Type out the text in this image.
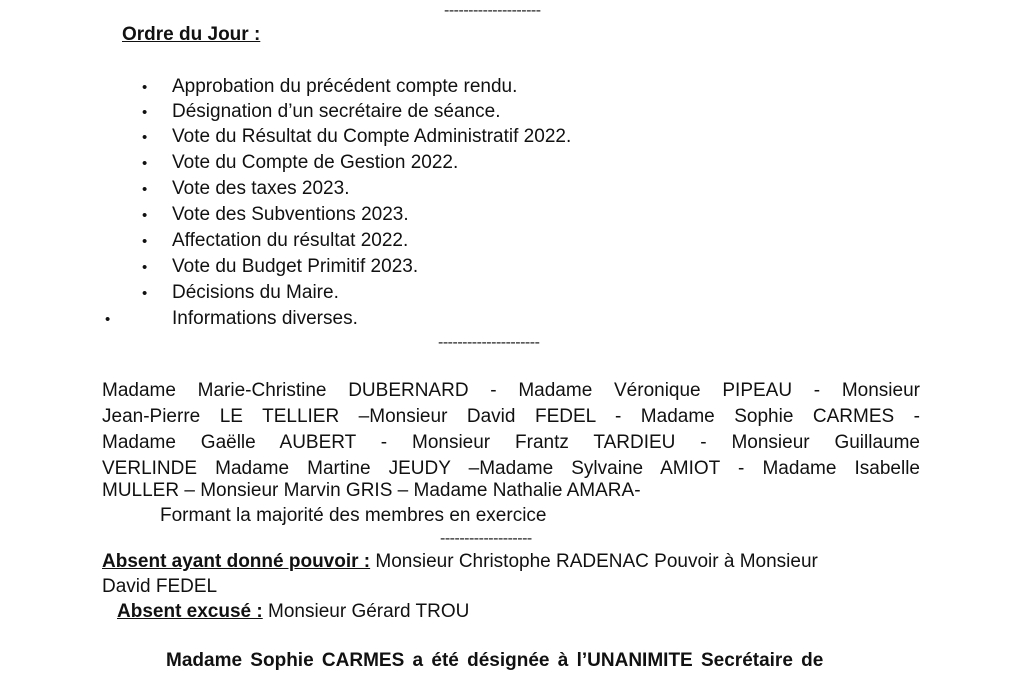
--------------------
Ordre du Jour :
• Approbation du précédent compte rendu.
• Désignation d’un secrétaire de séance.
• Vote du Résultat du Compte Administratif 2022.
• Vote du Compte de Gestion 2022.
• Vote des taxes 2023.
• Vote des Subventions 2023.
• Affectation du résultat 2022.
• Vote du Budget Primitif 2023.
• Décisions du Maire.
•	Informations diverses.
---------------------
Madame Marie-Christine DUBERNARD - Madame Véronique PIPEAU - Monsieur
Jean-Pierre LE TELLIER –Monsieur David FEDEL - Madame Sophie CARMES -
Madame Gaëlle AUBERT - Monsieur Frantz TARDIEU - Monsieur Guillaume
VERLINDE Madame Martine JEUDY –Madame Sylvaine AMIOT - Madame Isabelle
MULLER – Monsieur Marvin GRIS – Madame Nathalie AMARA-
Formant la majorité des membres en exercice
-------------------
Absent ayant donné pouvoir : Monsieur Christophe RADENAC Pouvoir à Monsieur
David FEDEL
Absent excusé : Monsieur Gérard TROU
Madame Sophie CARMES a été désignée à l’UNANIMITE Secrétaire de
